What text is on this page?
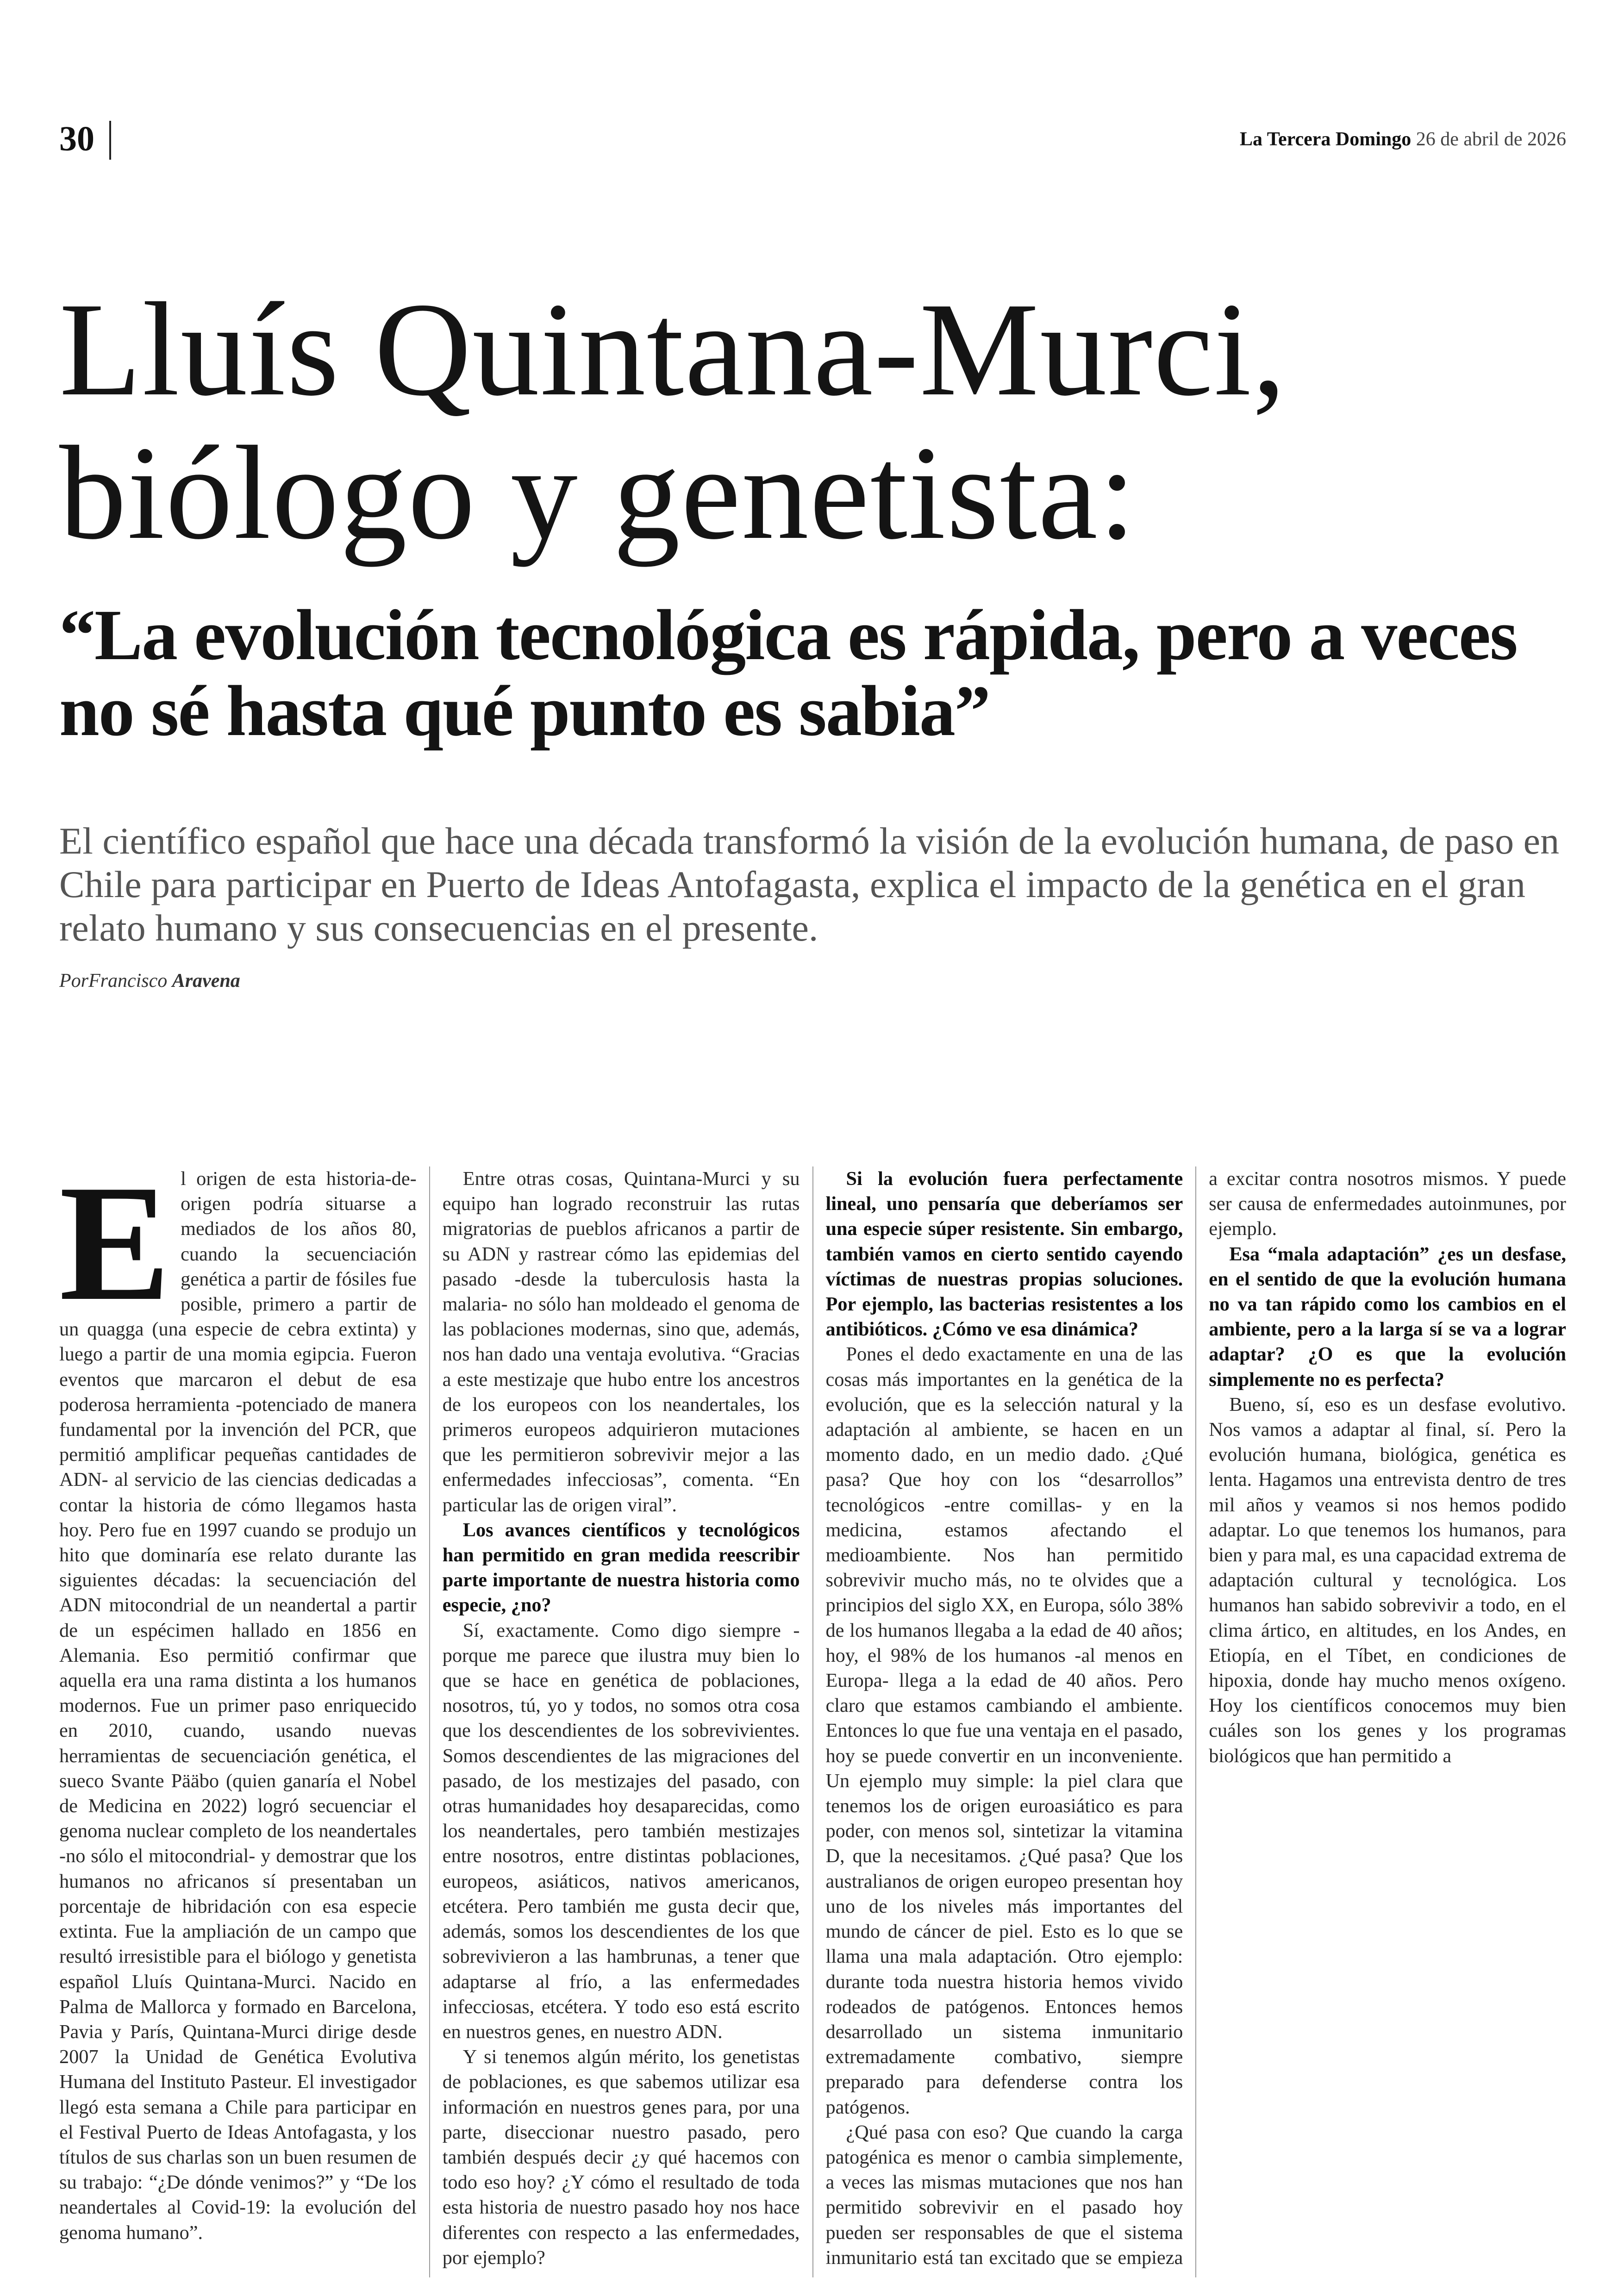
30	La Tercera Domingo 26 de abril de 2026
Lluís Quintana-Murci,
biólogo y genetista:
“La evolución tecnológica es rápida, pero a veces no sé hasta qué punto es sabia”

El científico español que hace una década transformó la visión de la evolución humana, de paso en Chile para participar en Puerto de Ideas Antofagasta, explica el impacto de la genética en el gran relato humano y sus consecuencias en el presente.

PorFrancisco Aravena

El origen de esta historia-de-origen podría situarse a mediados de los años 80, cuando la secuenciación genética a partir de fósiles fue posible, primero a partir de un quagga (una especie de cebra extinta) y luego a partir de una momia egipcia. Fueron eventos que marcaron el debut de esa poderosa herramienta -potenciado de manera fundamental por la invención del PCR, que permitió amplificar pequeñas cantidades de ADN- al servicio de las ciencias dedicadas a contar la historia de cómo llegamos hasta hoy. Pero fue en 1997 cuando se produjo un hito que dominaría ese relato durante las siguientes décadas: la secuenciación del ADN mitocondrial de un neandertal a partir de un espécimen hallado en 1856 en Alemania. Eso permitió confirmar que aquella era una rama distinta a los humanos modernos. Fue un primer paso enriquecido en 2010, cuando, usando nuevas herramientas de secuenciación genética, el sueco Svante Pääbo (quien ganaría el Nobel de Medicina en 2022) logró secuenciar el genoma nuclear completo de los neandertales -no sólo el mitocondrial- y demostrar que los humanos no africanos sí presentaban un porcentaje de hibridación con esa especie extinta. Fue la ampliación de un campo que resultó irresistible para el biólogo y genetista español Lluís Quintana-Murci. Nacido en Palma de Mallorca y formado en Barcelona, Pavia y París, Quintana-Murci dirige desde 2007 la Unidad de Genética Evolutiva Humana del Instituto Pasteur. El investigador llegó esta semana a Chile para participar en el Festival Puerto de Ideas Antofagasta, y los títulos de sus charlas son un buen resumen de su trabajo: “¿De dónde venimos?” y “De los neandertales al Covid-19: la evolución del genoma humano”.

Entre otras cosas, Quintana-Murci y su equipo han logrado reconstruir las rutas migratorias de pueblos africanos a partir de su ADN y rastrear cómo las epidemias del pasado -desde la tuberculosis hasta la malaria- no sólo han moldeado el genoma de las poblaciones modernas, sino que, además, nos han dado una ventaja evolutiva. “Gracias a este mestizaje que hubo entre los ancestros de los europeos con los neandertales, los primeros europeos adquirieron mutaciones que les permitieron sobrevivir mejor a las enfermedades infecciosas”, comenta. “En particular las de origen viral”.

Los avances científicos y tecnológicos han permitido en gran medida reescribir parte importante de nuestra historia como especie, ¿no?

Sí, exactamente. Como digo siempre -porque me parece que ilustra muy bien lo que se hace en genética de poblaciones, nosotros, tú, yo y todos, no somos otra cosa que los descendientes de los sobrevivientes. Somos descendientes de las migraciones del pasado, de los mestizajes del pasado, con otras humanidades hoy desaparecidas, como los neandertales, pero también mestizajes entre nosotros, entre distintas poblaciones, europeos, asiáticos, nativos americanos, etcétera. Pero también me gusta decir que, además, somos los descendientes de los que sobrevivieron a las hambrunas, a tener que adaptarse al frío, a las enfermedades infecciosas, etcétera. Y todo eso está escrito en nuestros genes, en nuestro ADN.

Y si tenemos algún mérito, los genetistas de poblaciones, es que sabemos utilizar esa información en nuestros genes para, por una parte, diseccionar nuestro pasado, pero también después decir ¿y qué hacemos con todo eso hoy? ¿Y cómo el resultado de toda esta historia de nuestro pasado hoy nos hace diferentes con respecto a las enfermedades, por ejemplo?

Si la evolución fuera perfectamente lineal, uno pensaría que deberíamos ser una especie súper resistente. Sin embargo, también vamos en cierto sentido cayendo víctimas de nuestras propias soluciones. Por ejemplo, las bacterias resistentes a los antibióticos. ¿Cómo ve esa dinámica?

Pones el dedo exactamente en una de las cosas más importantes en la genética de la evolución, que es la selección natural y la adaptación al ambiente, se hacen en un momento dado, en un medio dado. ¿Qué pasa? Que hoy con los “desarrollos” tecnológicos -entre comillas- y en la medicina, estamos afectando el medioambiente. Nos han permitido sobrevivir mucho más, no te olvides que a principios del siglo XX, en Europa, sólo 38% de los humanos llegaba a la edad de 40 años; hoy, el 98% de los humanos -al menos en Europa- llega a la edad de 40 años. Pero claro que estamos cambiando el ambiente. Entonces lo que fue una ventaja en el pasado, hoy se puede convertir en un inconveniente. Un ejemplo muy simple: la piel clara que tenemos los de origen euroasiático es para poder, con menos sol, sintetizar la vitamina D, que la necesitamos. ¿Qué pasa? Que los australianos de origen europeo presentan hoy uno de los niveles más importantes del mundo de cáncer de piel. Esto es lo que se llama una mala adaptación. Otro ejemplo: durante toda nuestra historia hemos vivido rodeados de patógenos. Entonces hemos desarrollado un sistema inmunitario extremadamente combativo, siempre preparado para defenderse contra los patógenos.

¿Qué pasa con eso? Que cuando la carga patogénica es menor o cambia simplemente, a veces las mismas mutaciones que nos han permitido sobrevivir en el pasado hoy pueden ser responsables de que el sistema inmunitario está tan excitado que se empieza a excitar contra nosotros mismos. Y puede ser causa de enfermedades autoinmunes, por ejemplo.

Esa “mala adaptación” ¿es un desfase, en el sentido de que la evolución humana no va tan rápido como los cambios en el ambiente, pero a la larga sí se va a lograr adaptar? ¿O es que la evolución simplemente no es perfecta?

Bueno, sí, eso es un desfase evolutivo. Nos vamos a adaptar al final, sí. Pero la evolución humana, biológica, genética es lenta. Hagamos una entrevista dentro de tres mil años y veamos si nos hemos podido adaptar. Lo que tenemos los humanos, para bien y para mal, es una capacidad extrema de adaptación cultural y tecnológica. Los humanos han sabido sobrevivir a todo, en el clima ártico, en altitudes, en los Andes, en Etiopía, en el Tíbet, en condiciones de hipoxia, donde hay mucho menos oxígeno. Hoy los científicos conocemos muy bien cuáles son los genes y los programas biológicos que han permitido a
